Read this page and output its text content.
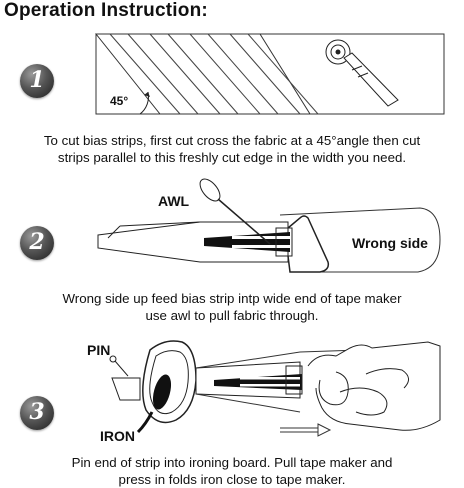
Operation Instruction:
1
45°
To cut bias strips, first cut cross the fabric at a 45°angle then cut
strips parallel to this freshly cut edge in the width you need.
2
AWL
Wrong side
Wrong side up feed bias strip intp wide end of tape maker
use awl to pull fabric through.
3
PIN
IRON
Pin end of strip into ironing board. Pull tape maker and
press in folds iron close to tape maker.
